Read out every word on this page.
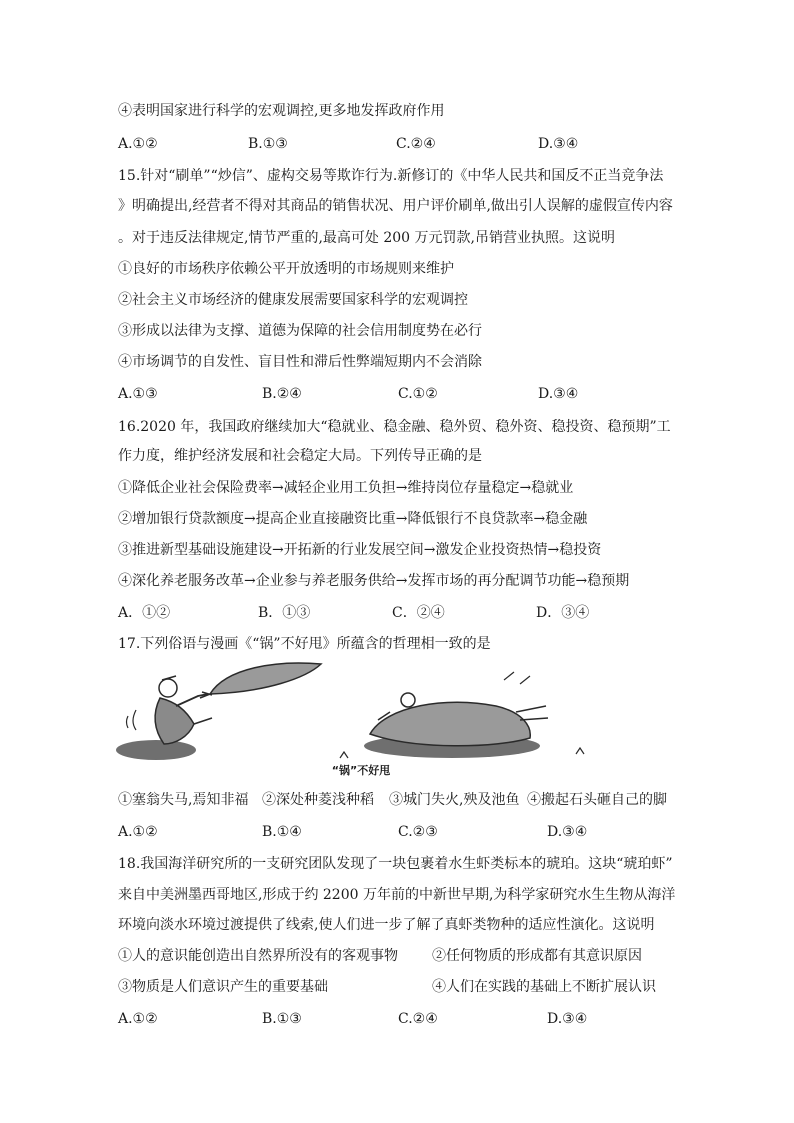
④表明国家进行科学的宏观调控,更多地发挥政府作用
A.①②	B.①③	C.②④	D.③④
15.针对“刷单”“炒信”、虚构交易等欺诈行为.新修订的《中华人民共和国反不正当竞争法
》明确提出,经营者不得对其商品的销售状况、用户评价刷单,做出引人误解的虚假宣传内容
。对于违反法律规定,情节严重的,最高可处 200 万元罚款,吊销营业执照。这说明
①良好的市场秩序依赖公平开放透明的市场规则来维护
②社会主义市场经济的健康发展需要国家科学的宏观调控
③形成以法律为支撑、道德为保障的社会信用制度势在必行
④市场调节的自发性、盲目性和滞后性弊端短期内不会消除
A.①③	B.②④	C.①②	D.③④
16.2020 年，我国政府继续加大“稳就业、稳金融、稳外贸、稳外资、稳投资、稳预期”工
作力度，维护经济发展和社会稳定大局。下列传导正确的是
①降低企业社会保险费率→减轻企业用工负担→维持岗位存量稳定→稳就业
②增加银行贷款额度→提高企业直接融资比重→降低银行不良贷款率→稳金融
③推进新型基础设施建设→开拓新的行业发展空间→激发企业投资热情→稳投资
④深化养老服务改革→企业参与养老服务供给→发挥市场的再分配调节功能→稳预期
A．①②	B．①③	C．②④	D．③④
17.下列俗语与漫画《“锅”不好甩》所蕴含的哲理相一致的是
“锅”不好甩
①塞翁失马,焉知非福 ②深处种菱浅种稻 ③城门失火,殃及池鱼 ④搬起石头砸自己的脚
A.①②	B.①④	C.②③	D.③④
18.我国海洋研究所的一支研究团队发现了一块包裹着水生虾类标本的琥珀。这块“琥珀虾”
来自中美洲墨西哥地区,形成于约 2200 万年前的中新世早期,为科学家研究水生生物从海洋
环境向淡水环境过渡提供了线索,使人们进一步了解了真虾类物种的适应性演化。这说明
①人的意识能创造出自然界所没有的客观事物 ②任何物质的形成都有其意识原因
③物质是人们意识产生的重要基础	④人们在实践的基础上不断扩展认识
A.①②	B.①③	C.②④	D.③④
